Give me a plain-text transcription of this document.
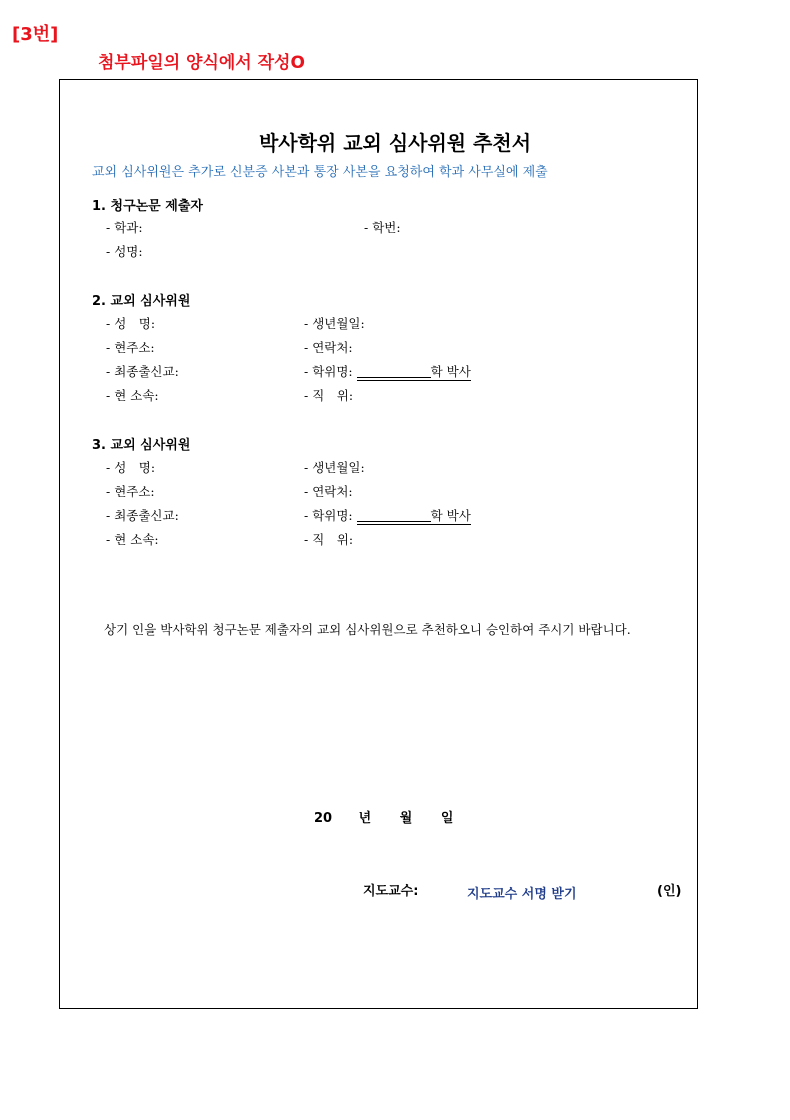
[3번]
첨부파일의 양식에서 작성O
박사학위 교외 심사위원 추천서
교외 심사위원은 추가로 신분증 사본과 통장 사본을 요청하여 학과 사무실에 제출
1. 청구논문 제출자
- 학과:	- 학번:
- 성명:
2. 교외 심사위원
- 성　명:	- 생년월일:
- 현주소:	- 연락처:
- 최종출신교:	- 학위명:	학 박사
- 현 소속:	- 직　위:
3. 교외 심사위원
- 성　명:	- 생년월일:
- 현주소:	- 연락처:
- 최종출신교:	- 학위명:	학 박사
- 현 소속:	- 직　위:
상기 인을 박사학위 청구논문 제출자의 교외 심사위원으로 추천하오니 승인하여 주시기 바랍니다.
20 년 월 일
지도교수:	지도교수 서명 받기	(인)
